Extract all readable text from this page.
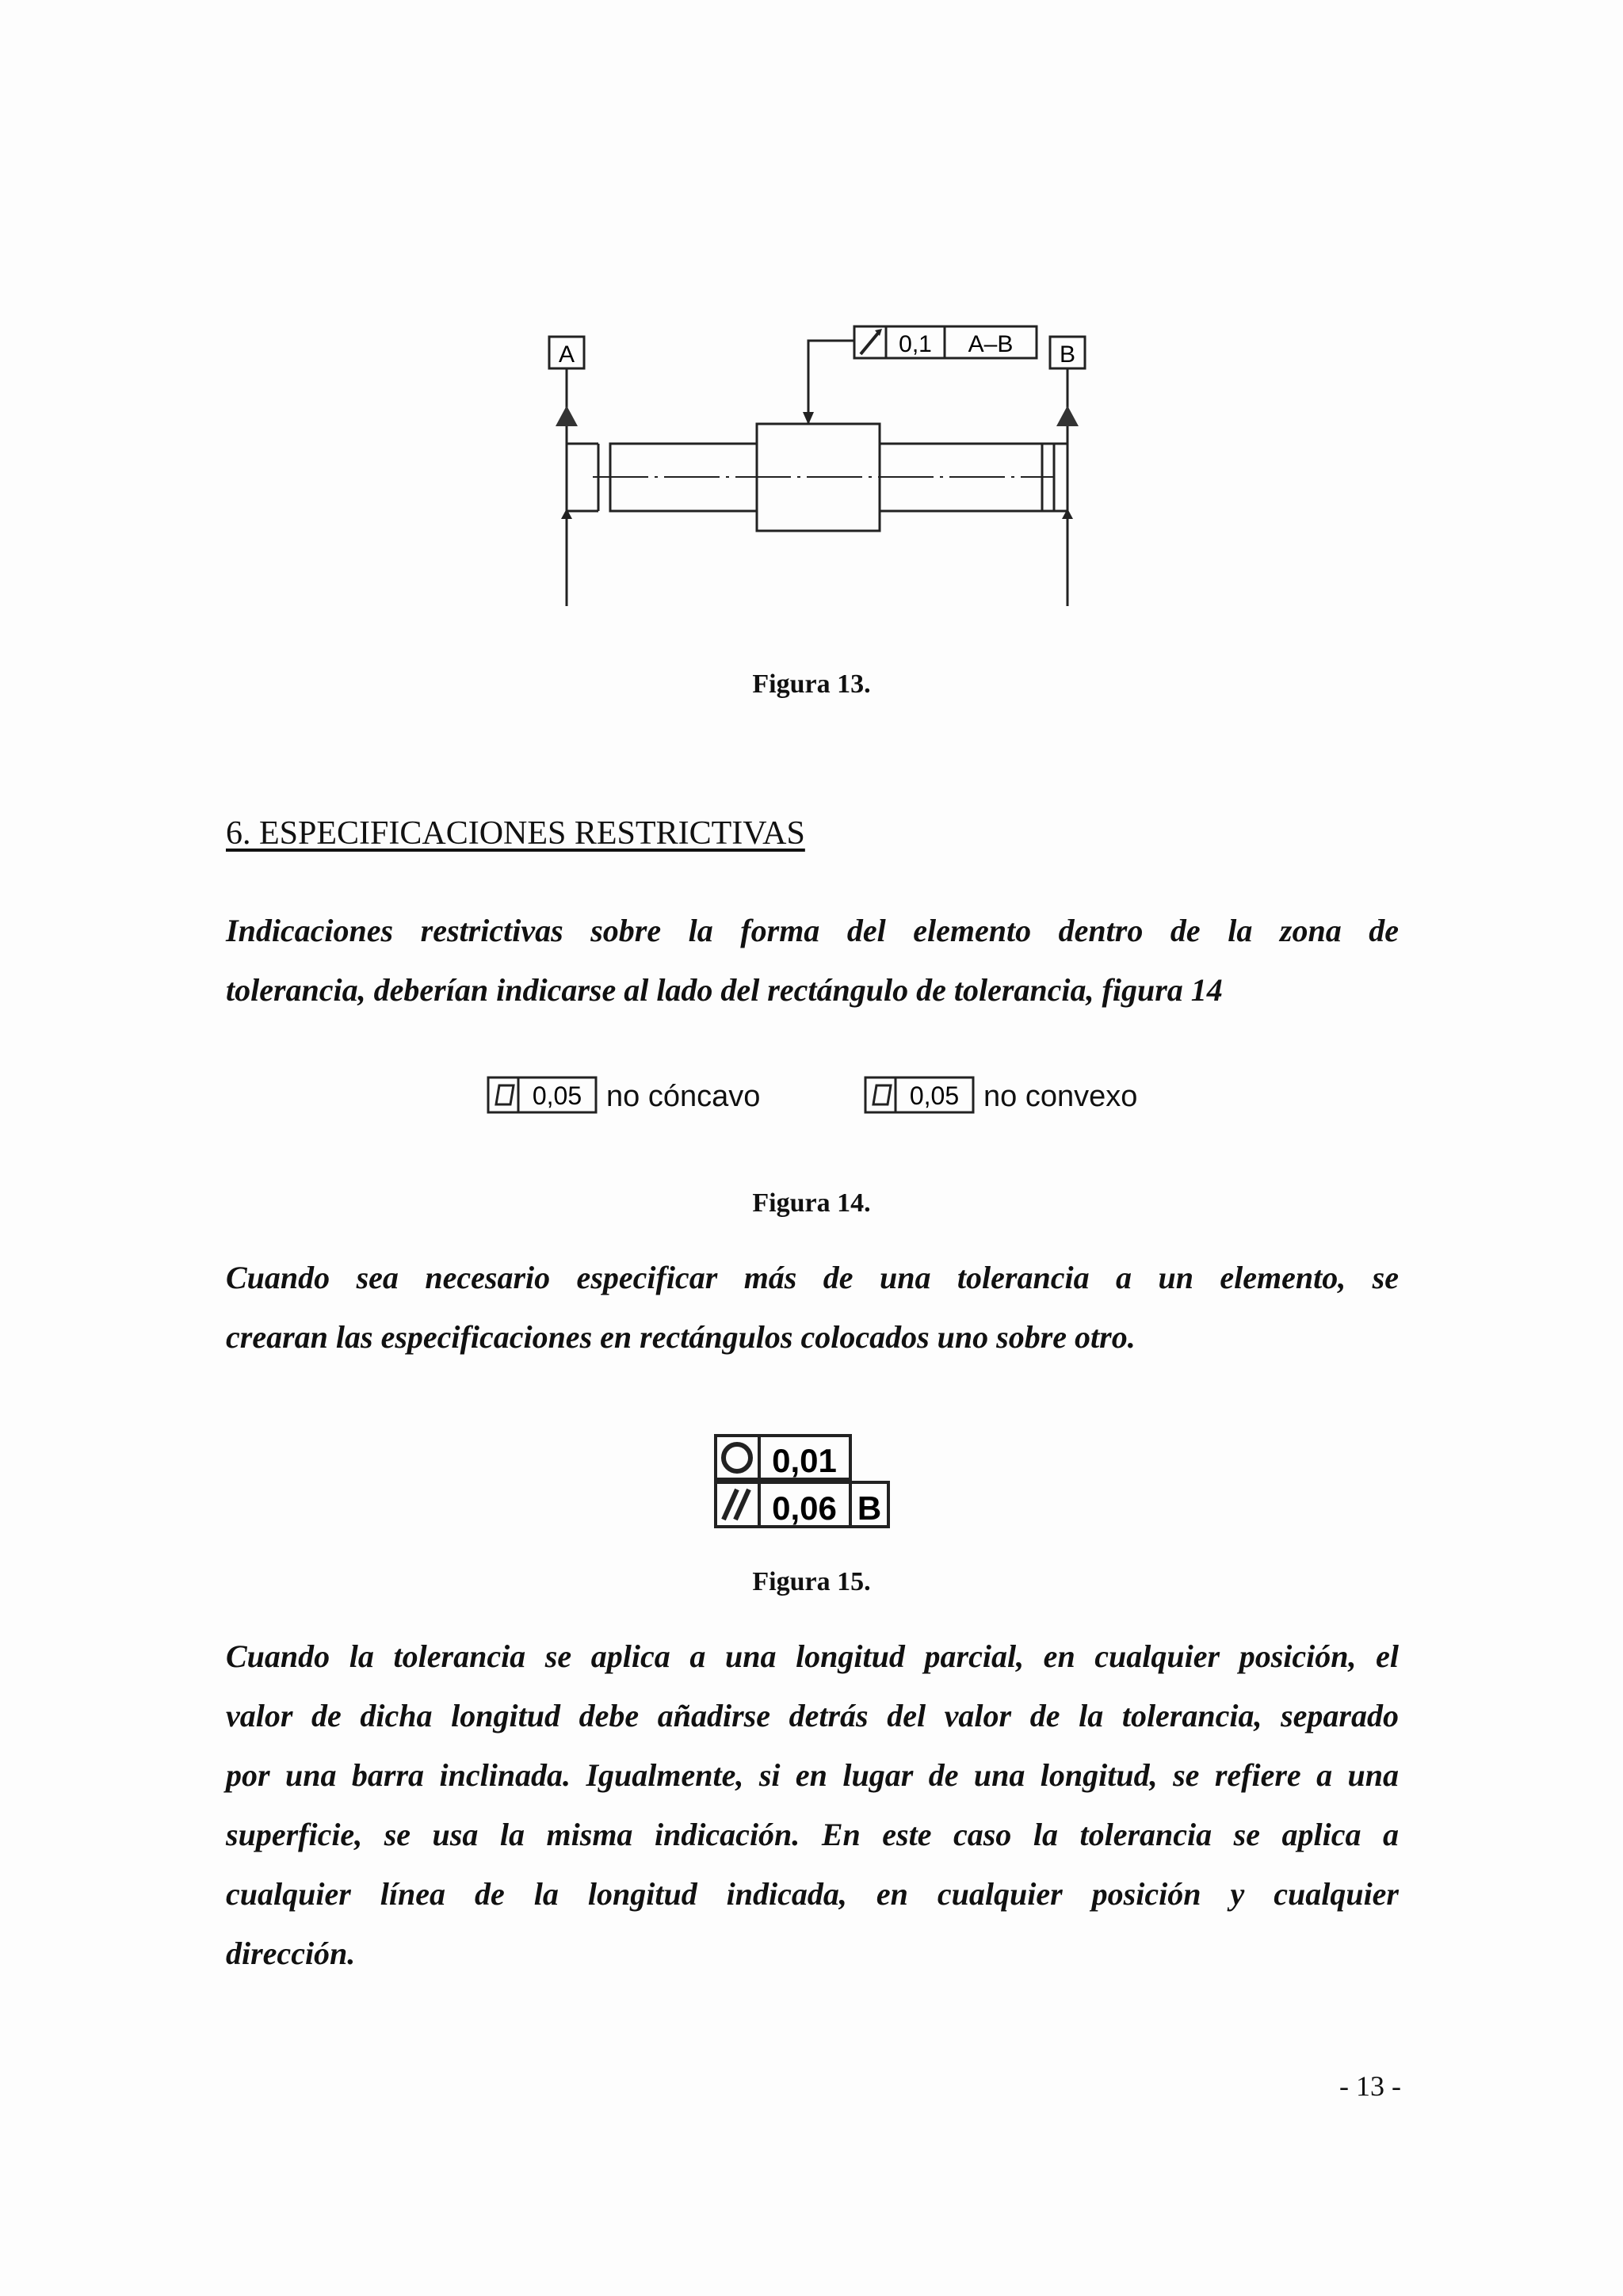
A	B
0,1 A–B
Figura 13.
6. ESPECIFICACIONES RESTRICTIVAS
Indicaciones restrictivas sobre la forma del elemento dentro de la zona de
tolerancia, deberían indicarse al lado del rectángulo de tolerancia, figura 14
0,05 no cóncavo	0,05 no convexo
Figura 14.
Cuando sea necesario especificar más de una tolerancia a un elemento, se
crearan las especificaciones en rectángulos colocados uno sobre otro.
0,01
0,06 B
Figura 15.
Cuando la tolerancia se aplica a una longitud parcial, en cualquier posición, el
valor de dicha longitud debe añadirse detrás del valor de la tolerancia, separado
por una barra inclinada. Igualmente, si en lugar de una longitud, se refiere a una
superficie, se usa la misma indicación. En este caso la tolerancia se aplica a
cualquier línea de la longitud indicada, en cualquier posición y cualquier
dirección.
- 13 -
